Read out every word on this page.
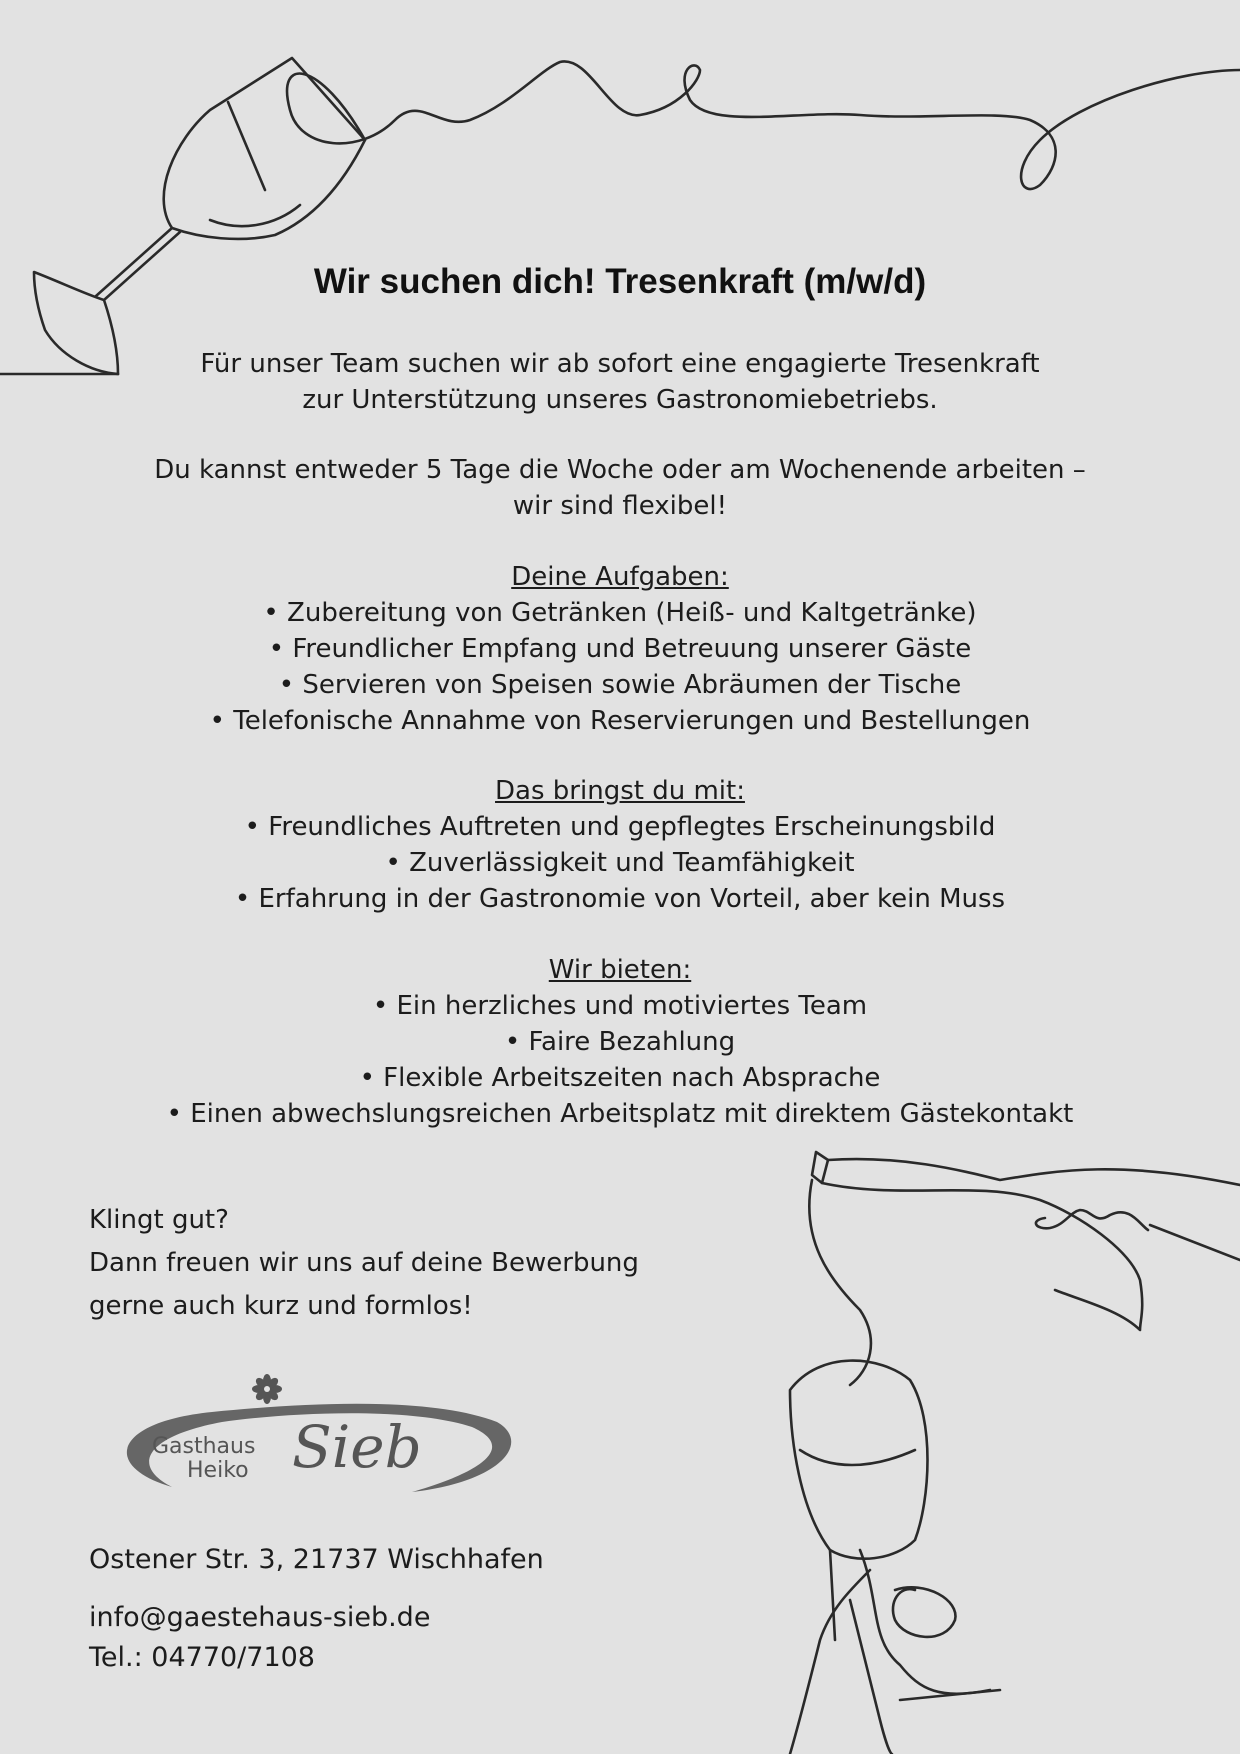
Wir suchen dich! Tresenkraft (m/w/d)

Für unser Team suchen wir ab sofort eine engagierte Tresenkraft

zur Unterstützung unseres Gastronomiebetriebs.

Du kannst entweder 5 Tage die Woche oder am Wochenende arbeiten –

wir sind flexibel!

Deine Aufgaben:

• Zubereitung von Getränken (Heiß- und Kaltgetränke)

• Freundlicher Empfang und Betreuung unserer Gäste

• Servieren von Speisen sowie Abräumen der Tische

• Telefonische Annahme von Reservierungen und Bestellungen

Das bringst du mit:

• Freundliches Auftreten und gepflegtes Erscheinungsbild

• Zuverlässigkeit und Teamfähigkeit

• Erfahrung in der Gastronomie von Vorteil, aber kein Muss

Wir bieten:

• Ein herzliches und motiviertes Team

• Faire Bezahlung

• Flexible Arbeitszeiten nach Absprache

• Einen abwechslungsreichen Arbeitsplatz mit direktem Gästekontakt

Klingt gut?

Dann freuen wir uns auf deine Bewerbung

gerne auch kurz und formlos!

Gasthaus
Heiko Sieb

Ostener Str. 3, 21737 Wischhafen

info@gaestehaus-sieb.de

Tel.: 04770/7108
